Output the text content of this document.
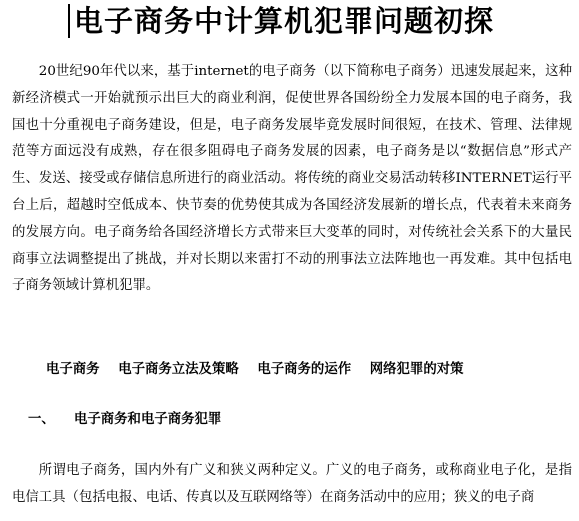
电子商务中计算机犯罪问题初探

20世纪90年代以来，基于internet的电子商务（以下简称电子商务）迅速发展起来，这种新经济模式一开始就预示出巨大的商业利润，促使世界各国纷纷全力发展本国的电子商务，我国也十分重视电子商务建设，但是，电子商务发展毕竟发展时间很短，在技术、管理、法律规范等方面远没有成熟，存在很多阻碍电子商务发展的因素，电子商务是以“数据信息”形式产生、发送、接受或存储信息所进行的商业活动。将传统的商业交易活动转移INTERNET运行平台上后，超越时空低成本、快节奏的优势使其成为各国经济发展新的增长点，代表着未来商务的发展方向。电子商务给各国经济增长方式带来巨大变革的同时，对传统社会关系下的大量民商事立法调整提出了挑战，并对长期以来雷打不动的刑事法立法阵地也一再发难。其中包括电子商务领域计算机犯罪。

电子商务    电子商务立法及策略    电子商务的运作    网络犯罪的对策

一、 电子商务和电子商务犯罪

所谓电子商务，国内外有广义和狭义两种定义。广义的电子商务，或称商业电子化，是指电信工具（包括电报、电话、传真以及互联网络等）在商务活动中的应用；狭义的电子商
